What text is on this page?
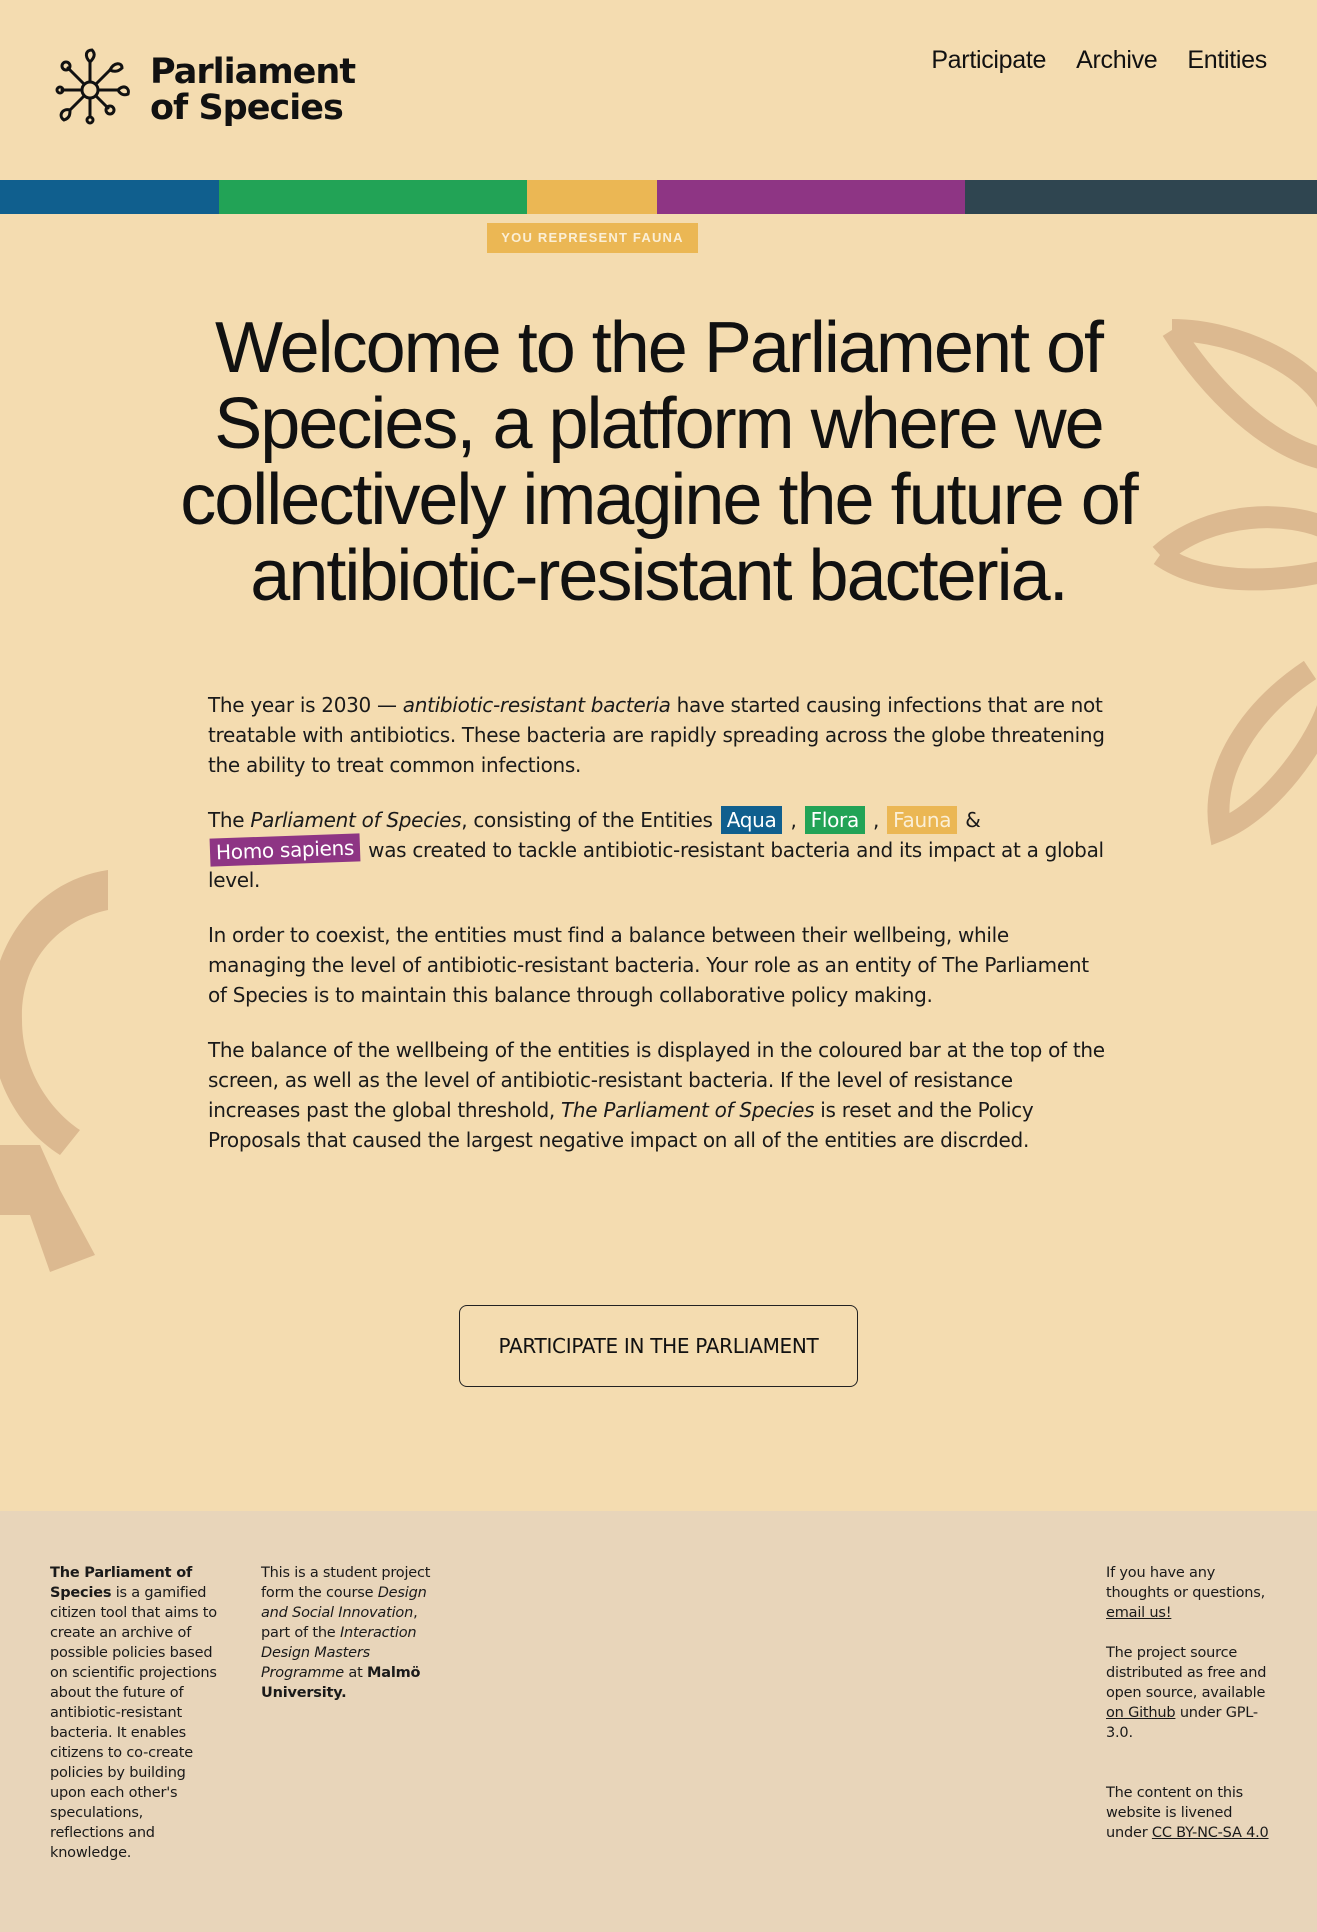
Parliament
of Species
Participate Archive Entities
YOU REPRESENT FAUNA
Welcome to the Parliament of Species, a platform where we collectively imagine the future of antibiotic-resistant bacteria.

The year is 2030 — antibiotic-resistant bacteria have started causing infections that are not treatable with antibiotics. These bacteria are rapidly spreading across the globe threatening the ability to treat common infections.

The Parliament of Species, consisting of the Entities Aqua , Flora , Fauna &
Homo sapiens was created to tackle antibiotic-resistant bacteria and its impact at a global level.

In order to coexist, the entities must find a balance between their wellbeing, while managing the level of antibiotic-resistant bacteria. Your role as an entity of The Parliament of Species is to maintain this balance through collaborative policy making.

The balance of the wellbeing of the entities is displayed in the coloured bar at the top of the screen, as well as the level of antibiotic-resistant bacteria. If the level of resistance increases past the global threshold, The Parliament of Species is reset and the Policy Proposals that caused the largest negative impact on all of the entities are discrded.

PARTICIPATE IN THE PARLIAMENT

The Parliament of Species is a gamified citizen tool that aims to create an archive of possible policies based on scientific projections about the future of antibiotic-resistant bacteria. It enables citizens to co-create policies by building upon each other's speculations, reflections and knowledge.

This is a student project form the course Design and Social Innovation, part of the Interaction Design Masters Programme at Malmö University.

If you have any thoughts or questions, email us!

The project source distributed as free and open source, available on Github under GPL-3.0.

The content on this website is livened under CC BY-NC-SA 4.0
